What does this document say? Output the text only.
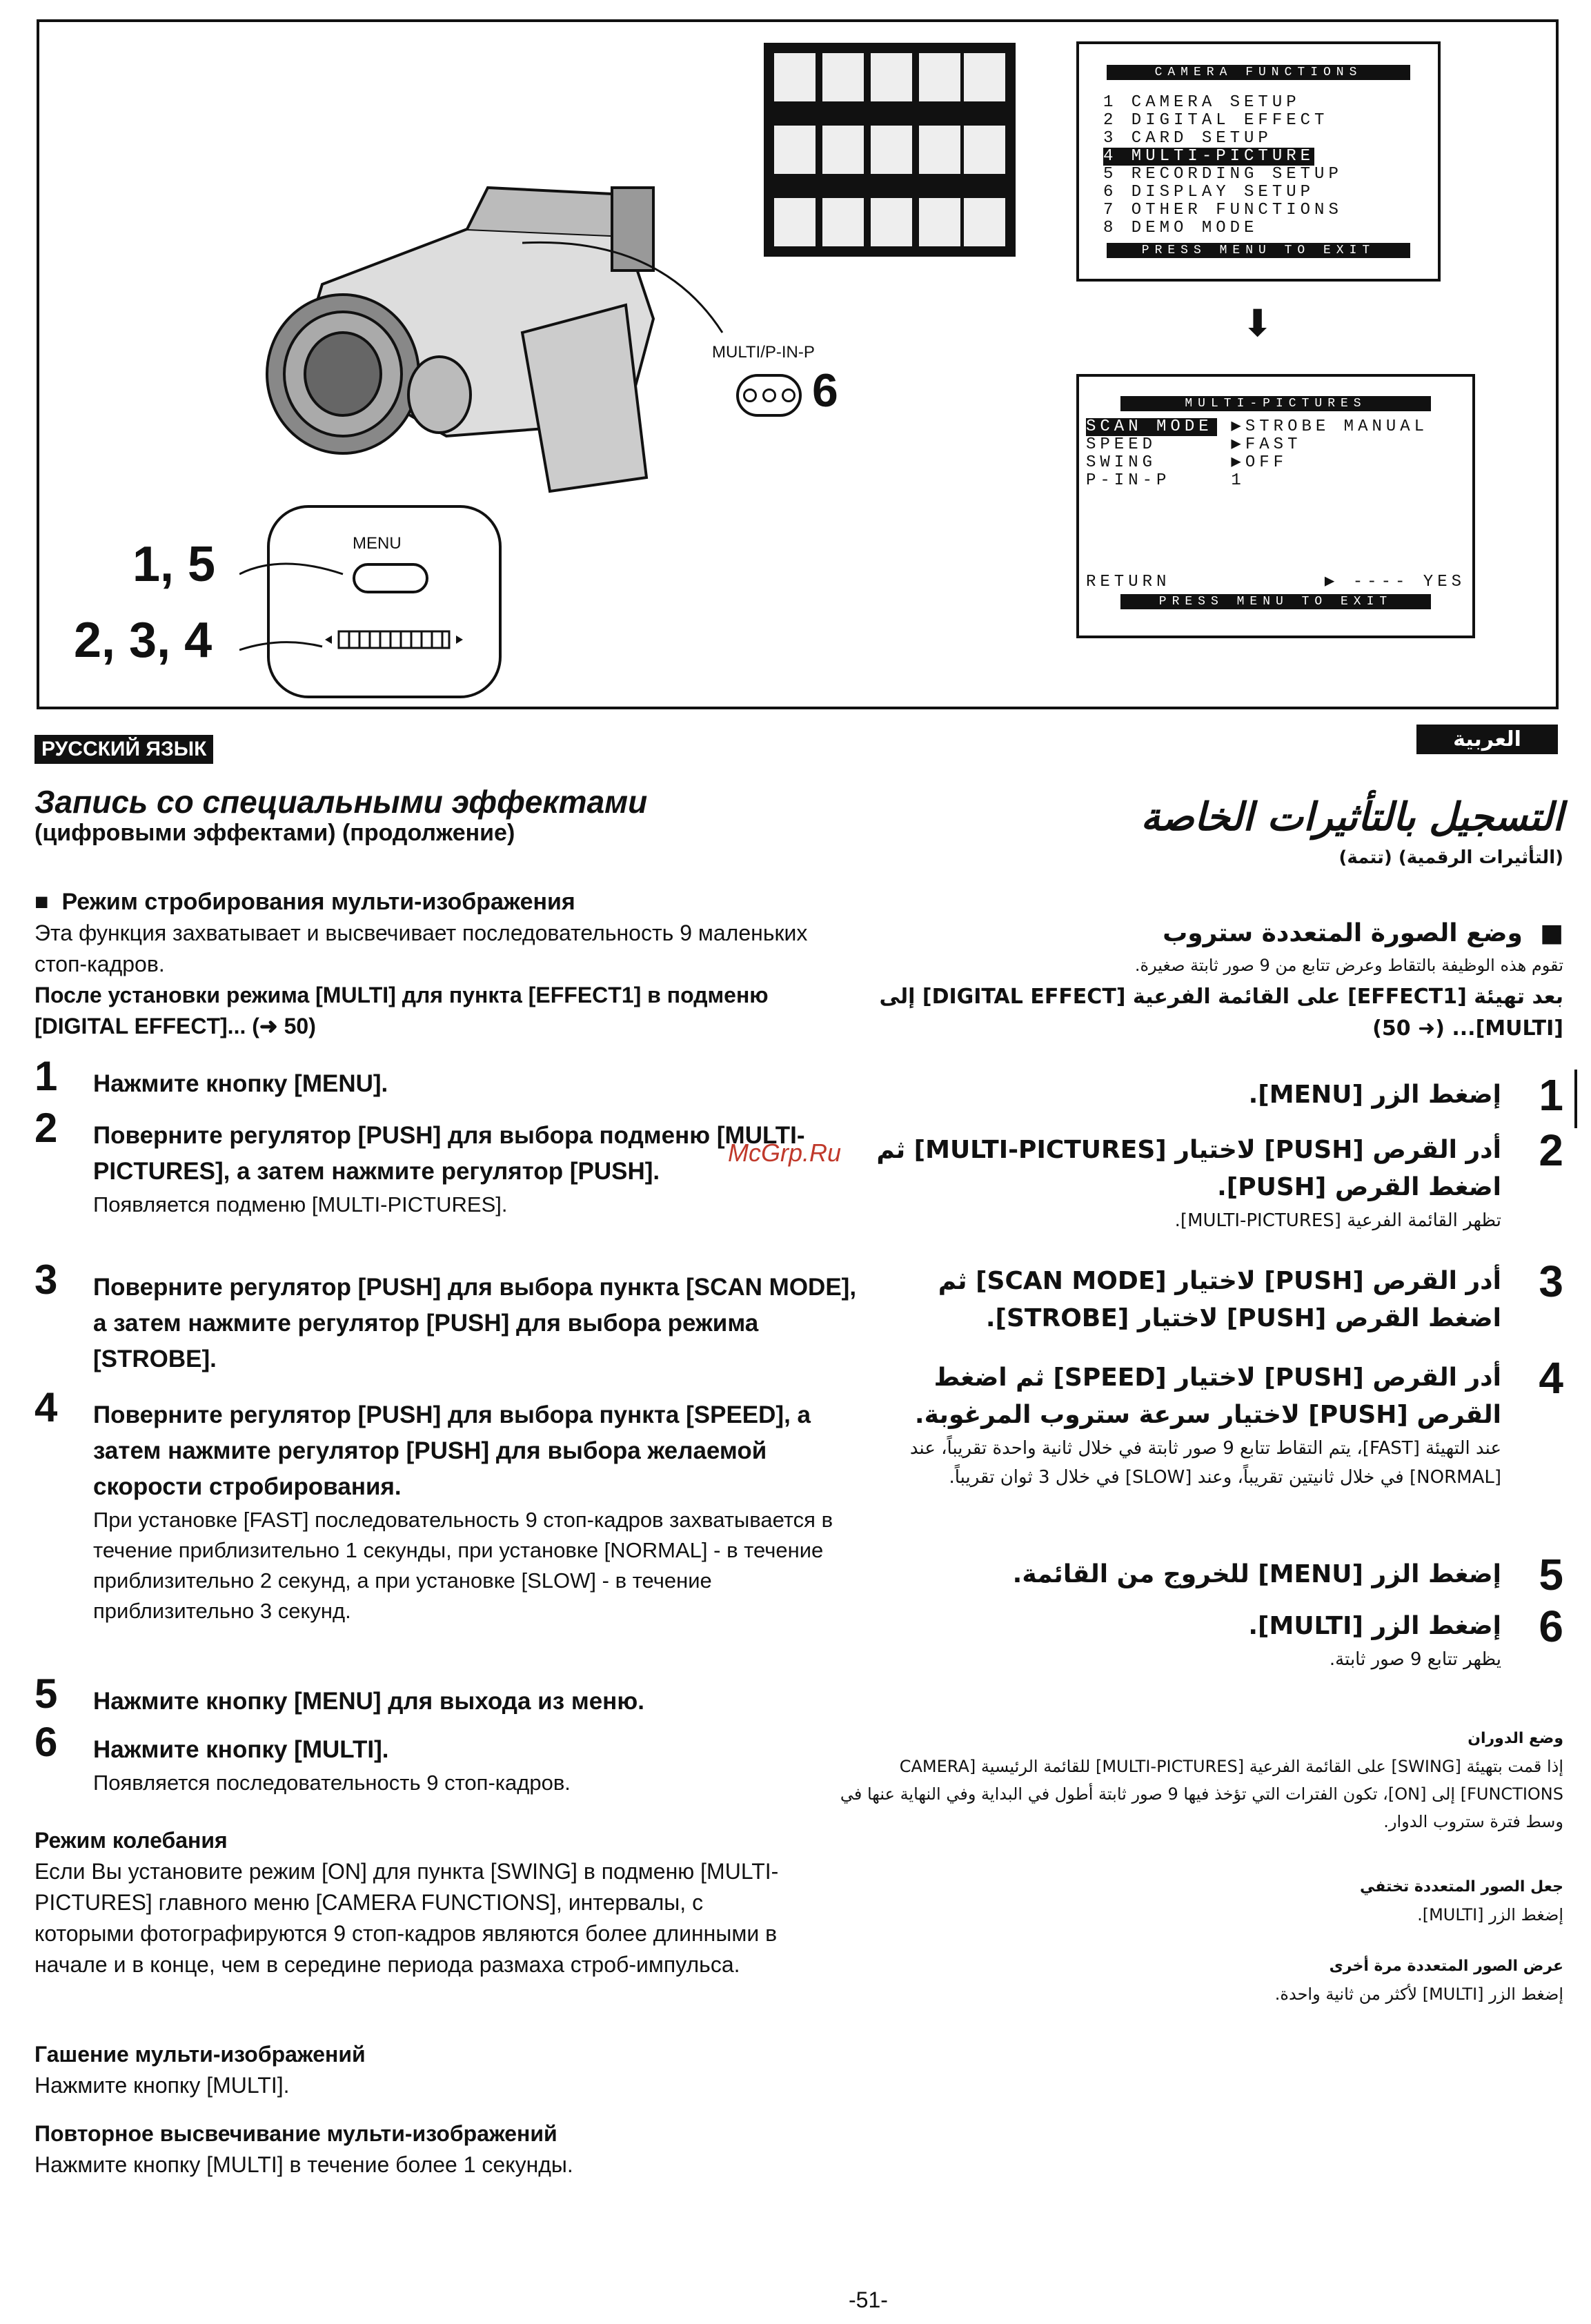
MULTI/P-IN-P
6
MENU
1, 5
2, 3, 4
CAMERA FUNCTIONS
1 CAMERA SETUP
2 DIGITAL EFFECT
3 CARD SETUP
4 MULTI-PICTURE
5 RECORDING SETUP
6 DISPLAY SETUP
7 OTHER FUNCTIONS
8 DEMO MODE
PRESS MENU TO EXIT
⬇
MULTI-PICTURES
SCAN MODE ▶STROBE MANUAL
SPEED	▶FAST
SWING	▶OFF
P-IN-P	1
RETURN	▶ ---- YES
PRESS MENU TO EXIT
РУССКИЙ ЯЗЫК	العربية
Запись со специальными эффектами
(цифровыми эффектами) (продолжение)
■  Режим стробирования мульти-изображения
Эта функция захватывает и высвечивает последовательность 9 маленьких стоп-кадров.
После установки режима [MULTI] для пункта [EFFECT1] в подменю [DIGITAL EFFECT]... (➜ 50)
1 Нажмите кнопку [MENU].
2 Поверните регулятор [PUSH] для выбора подменю [MULTI-PICTURES], а затем нажмите регулятор [PUSH].
Появляется подменю [MULTI-PICTURES].
3 Поверните регулятор [PUSH] для выбора пункта [SCAN MODE], а затем нажмите регулятор [PUSH] для выбора режима [STROBE].
4 Поверните регулятор [PUSH] для выбора пункта [SPEED], а затем нажмите регулятор [PUSH] для выбора желаемой скорости стробирования.
При установке [FAST] последовательность 9 стоп-кадров захватывается в течение приблизительно 1 секунды, при установке [NORMAL] - в течение приблизительно 2 секунд, а при установке [SLOW] - в течение приблизительно 3 секунд.
5 Нажмите кнопку [MENU] для выхода из меню.
6 Нажмите кнопку [MULTI].
Появляется последовательность 9 стоп-кадров.
Режим колебания
Если Вы установите режим [ON] для пункта [SWING] в подменю [MULTI-PICTURES] главного меню [CAMERA FUNCTIONS], интервалы, с которыми фотографируются 9 стоп-кадров являются более длинными в начале и в конце, чем в середине периода размаха строб-импульса.
Гашение мульти-изображений
Нажмите кнопку [MULTI].
Повторное высвечивание мульти-изображений
Нажмите кнопку [MULTI] в течение более 1 секунды.
McGrp.Ru
التسجيل بالتأثيرات الخاصة
(التأثيرات الرقمية) (تتمة)
■  وضع الصورة المتعددة ستروب
تقوم هذه الوظيفة بالتقاط وعرض تتابع من 9 صور ثابتة صغيرة.
بعد تهيئة [EFFECT1] على القائمة الفرعية [DIGITAL EFFECT] إلى [MULTI]... (➜ 50)
1
إضغط الزر [MENU].
2
أدر القرص [PUSH] لاختيار [MULTI-PICTURES] ثم اضغط القرص [PUSH].
تظهر القائمة الفرعية [MULTI-PICTURES].
3
أدر القرص [PUSH] لاختيار [SCAN MODE] ثم اضغط القرص [PUSH] لاختيار [STROBE].
4
أدر القرص [PUSH] لاختيار [SPEED] ثم اضغط القرص [PUSH] لاختيار سرعة ستروب المرغوبة.
عند التهيئة [FAST]، يتم التقاط تتابع 9 صور ثابتة في خلال ثانية واحدة تقريباً، عند [NORMAL] في خلال ثانيتين تقريباً، وعند [SLOW] في خلال 3 ثوان تقريباً.
5
إضغط الزر [MENU] للخروج من القائمة.
6
إضغط الزر [MULTI].
يظهر تتابع 9 صور ثابتة.
وضع الدوران
إذا قمت بتهيئة [SWING] على القائمة الفرعية [MULTI-PICTURES] للقائمة الرئيسية [CAMERA FUNCTIONS] إلى [ON]، تكون الفترات التي تؤخذ فيها 9 صور ثابتة أطول في البداية وفي النهاية عنها في وسط فترة ستروب الدوار.
جعل الصور المتعددة تختفي
إضغط الزر [MULTI].
عرض الصور المتعددة مرة أخرى
إضغط الزر [MULTI] لأكثر من ثانية واحدة.
-51-
